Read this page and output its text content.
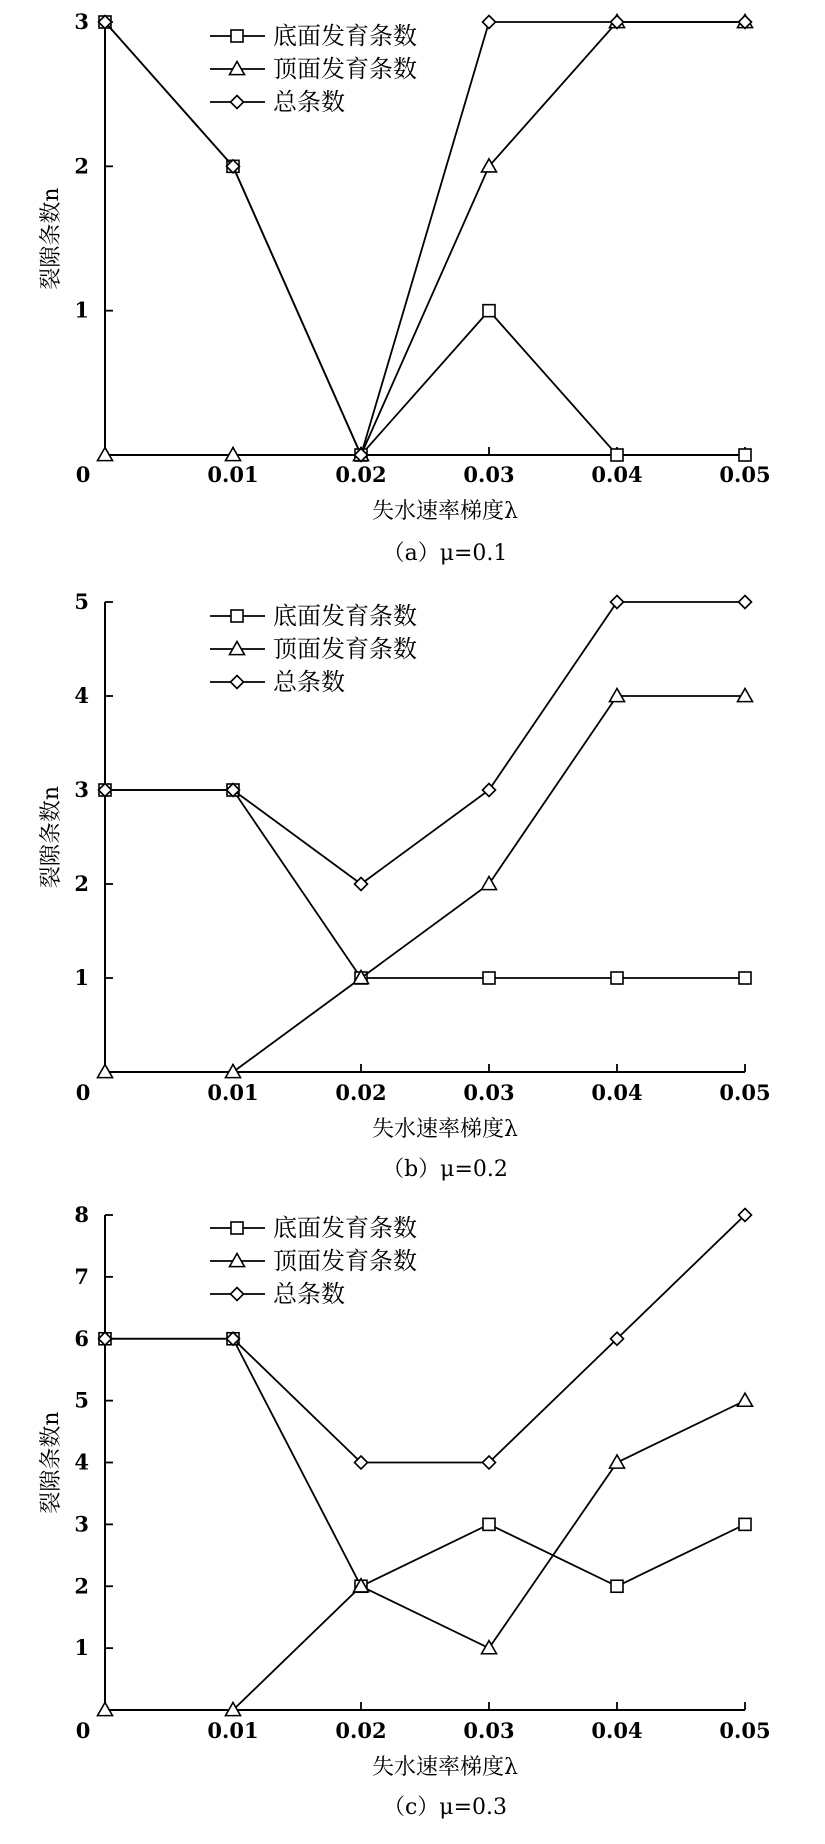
1
2
3
0	0.01	0.02	0.03	0.04	0.05
失水速率梯度λ
裂隙条数n
（a）μ=0.1
底面发育条数
顶面发育条数
总条数
1
2
3
4
5
0	0.01	0.02	0.03	0.04	0.05
失水速率梯度λ
裂隙条数n
（b）μ=0.2
底面发育条数
顶面发育条数
总条数
1
2
3
4
5
6
7
8
0	0.01	0.02	0.03	0.04	0.05
失水速率梯度λ
裂隙条数n
（c）μ=0.3
底面发育条数
顶面发育条数
总条数
